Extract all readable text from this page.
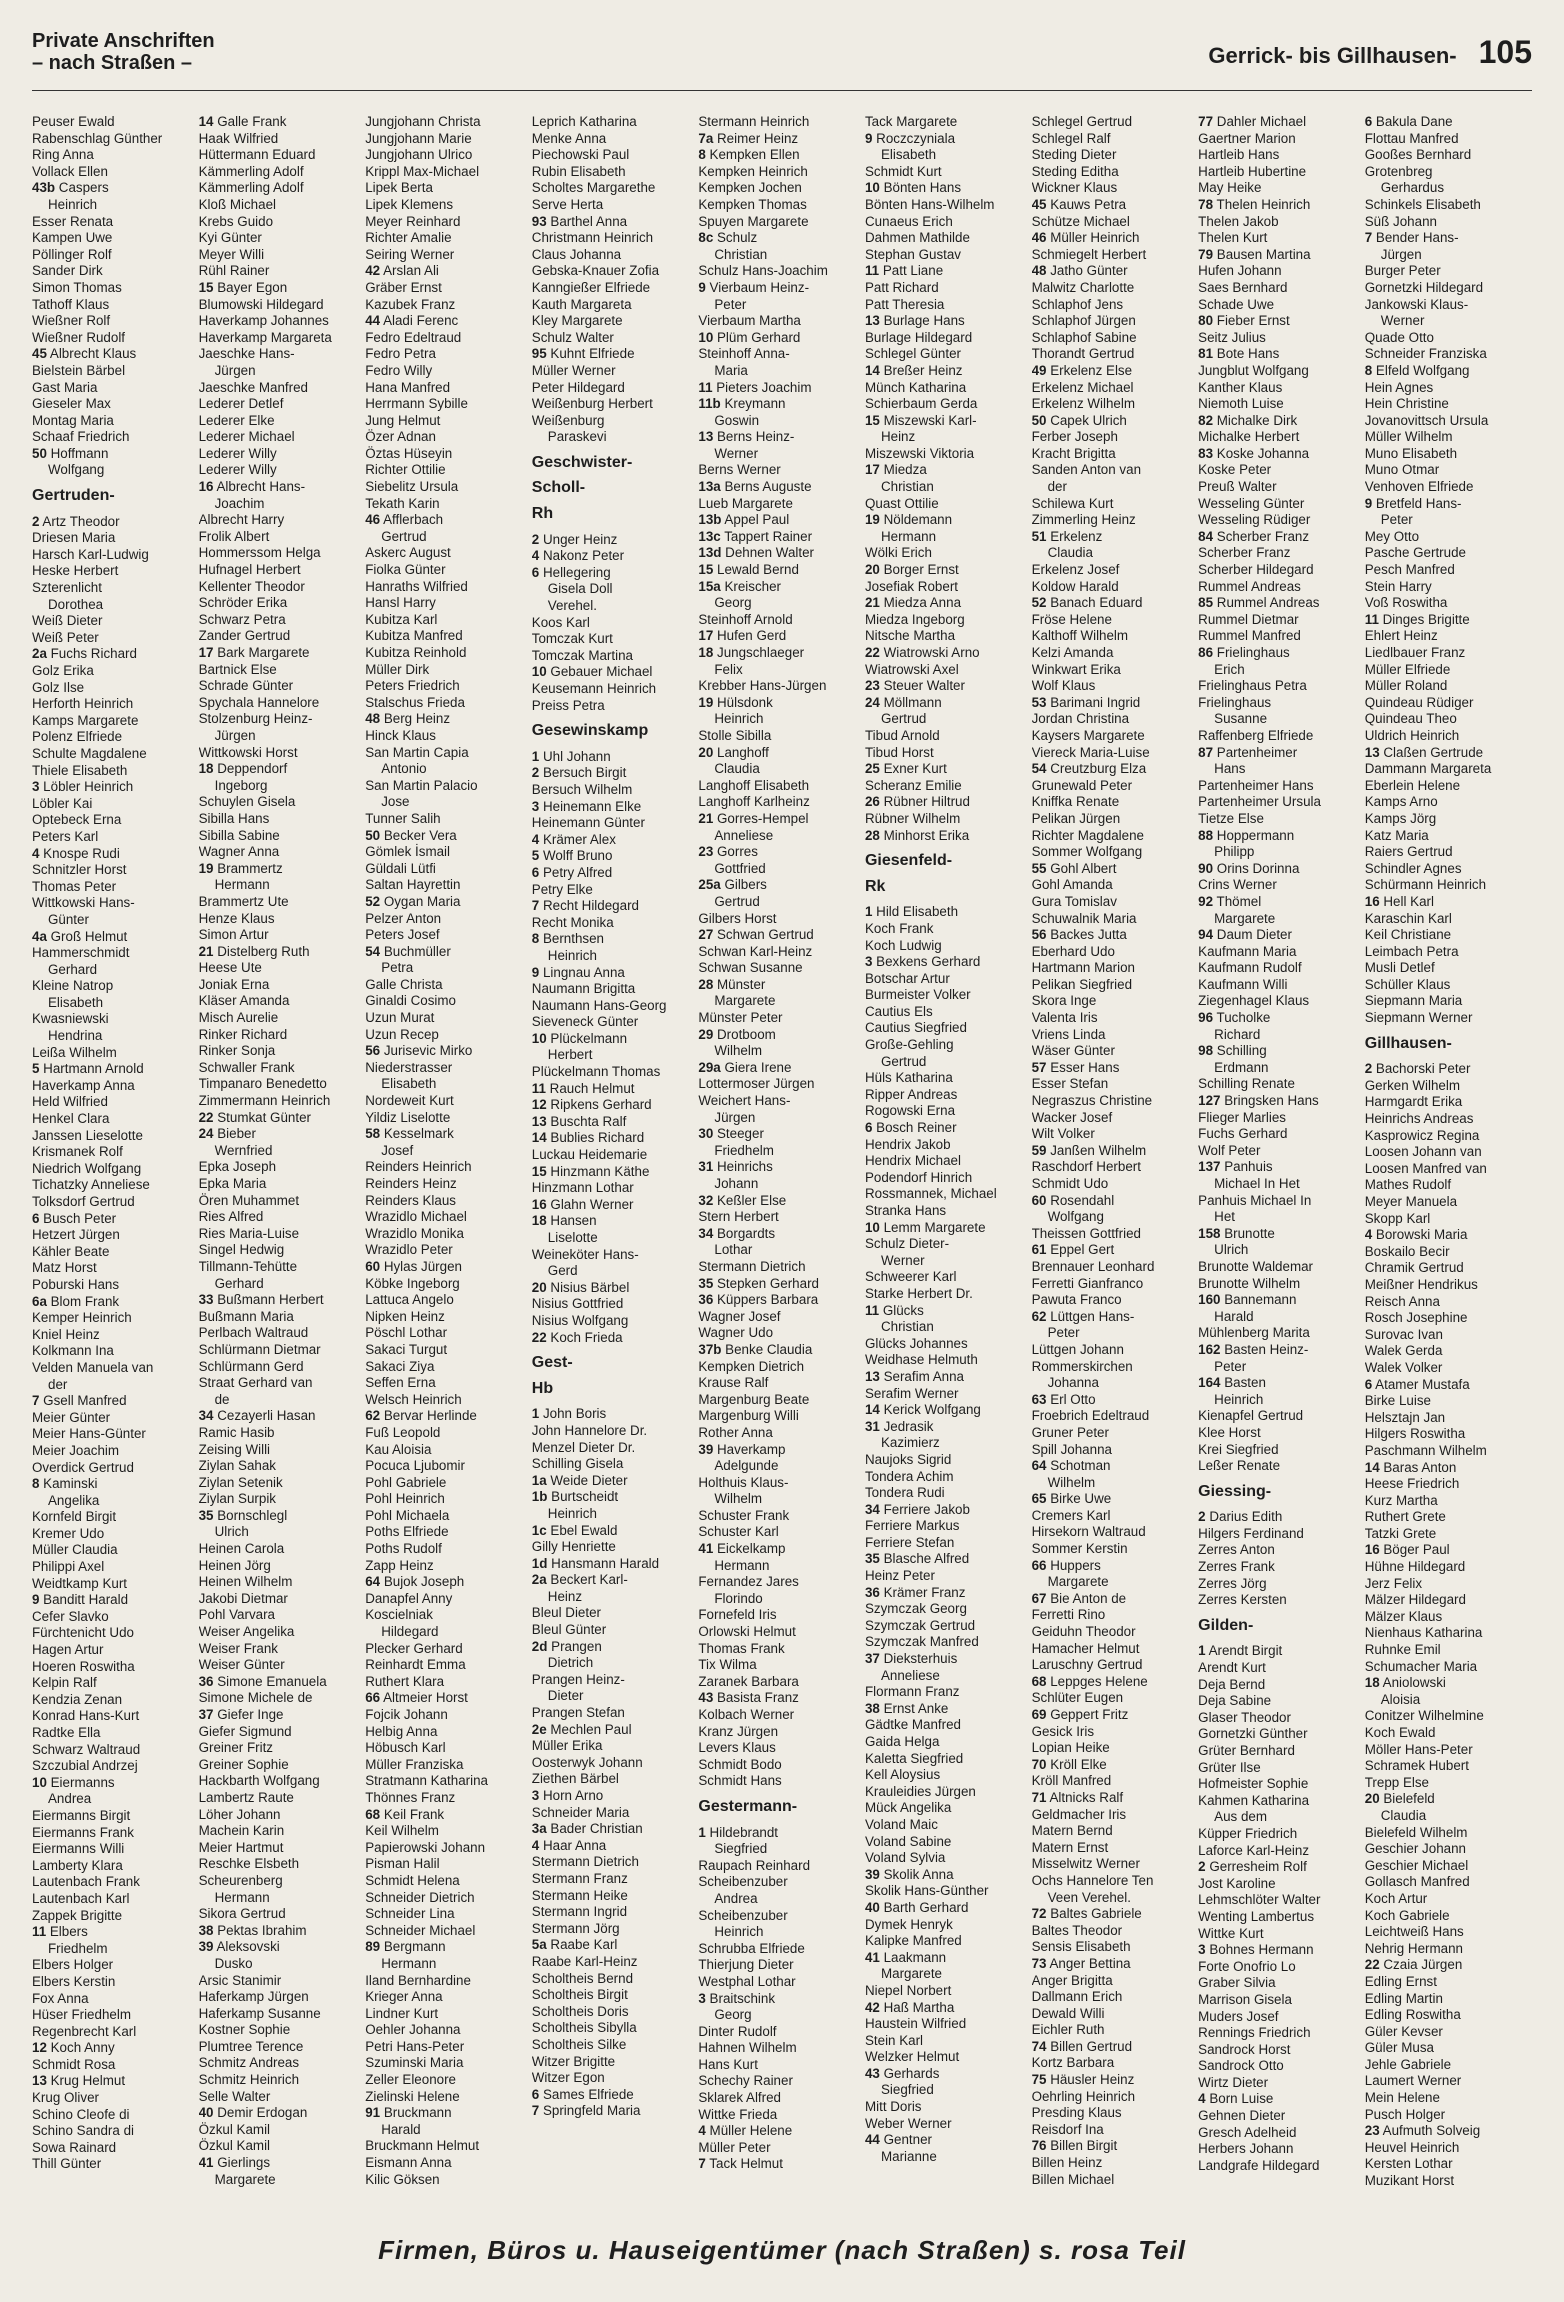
Private Anschriften
– nach Straßen –	Gerrick- bis Gillhausen- 105
Peuser Ewald
Rabenschlag Günther
Ring Anna
Vollack Ellen
43b Caspers
Heinrich
Esser Renata
Kampen Uwe
Pöllinger Rolf
Sander Dirk
Simon Thomas
Tathoff Klaus
Wießner Rolf
Wießner Rudolf
45 Albrecht Klaus
Bielstein Bärbel
Gast Maria
Gieseler Max
Montag Maria
Schaaf Friedrich
50 Hoffmann
Wolfgang
Gertruden-
2 Artz Theodor
Driesen Maria
Harsch Karl-Ludwig
Heske Herbert
Szterenlicht
Dorothea
Weiß Dieter
Weiß Peter
2a Fuchs Richard
Golz Erika
Golz Ilse
Herforth Heinrich
Kamps Margarete
Polenz Elfriede
Schulte Magdalene
Thiele Elisabeth
3 Löbler Heinrich
Löbler Kai
Optebeck Erna
Peters Karl
4 Knospe Rudi
Schnitzler Horst
Thomas Peter
Wittkowski Hans-
Günter
4a Groß Helmut
Hammerschmidt
Gerhard
Kleine Natrop
Elisabeth
Kwasniewski
Hendrina
Leißa Wilhelm
5 Hartmann Arnold
Haverkamp Anna
Held Wilfried
Henkel Clara
Janssen Lieselotte
Krismanek Rolf
Niedrich Wolfgang
Tichatzky Anneliese
Tolksdorf Gertrud
6 Busch Peter
Hetzert Jürgen
Kähler Beate
Matz Horst
Poburski Hans
6a Blom Frank
Kemper Heinrich
Kniel Heinz
Kolkmann Ina
Velden Manuela van
der
7 Gsell Manfred
Meier Günter
Meier Hans-Günter
Meier Joachim
Overdick Gertrud
8 Kaminski
Angelika
Kornfeld Birgit
Kremer Udo
Müller Claudia
Philippi Axel
Weidtkamp Kurt
9 Banditt Harald
Cefer Slavko
Fürchtenicht Udo
Hagen Artur
Hoeren Roswitha
Kelpin Ralf
Kendzia Zenan
Konrad Hans-Kurt
Radtke Ella
Schwarz Waltraud
Szczubial Andrzej
10 Eiermanns
Andrea
Eiermanns Birgit
Eiermanns Frank
Eiermanns Willi
Lamberty Klara
Lautenbach Frank
Lautenbach Karl
Zappek Brigitte
11 Elbers
Friedhelm
Elbers Holger
Elbers Kerstin
Fox Anna
Hüser Friedhelm
Regenbrecht Karl
12 Koch Anny
Schmidt Rosa
13 Krug Helmut
Krug Oliver
Schino Cleofe di
Schino Sandra di
Sowa Rainard
Thill Günter
14 Galle Frank
Haak Wilfried
Hüttermann Eduard
Kämmerling Adolf
Kämmerling Adolf
Kloß Michael
Krebs Guido
Kyi Günter
Meyer Willi
Rühl Rainer
15 Bayer Egon
Blumowski Hildegard
Haverkamp Johannes
Haverkamp Margareta
Jaeschke Hans-
Jürgen
Jaeschke Manfred
Lederer Detlef
Lederer Elke
Lederer Michael
Lederer Willy
Lederer Willy
16 Albrecht Hans-
Joachim
Albrecht Harry
Frolik Albert
Hommerssom Helga
Hufnagel Herbert
Kellenter Theodor
Schröder Erika
Schwarz Petra
Zander Gertrud
17 Bark Margarete
Bartnick Else
Schrade Günter
Spychala Hannelore
Stolzenburg Heinz-
Jürgen
Wittkowski Horst
18 Deppendorf
Ingeborg
Schuylen Gisela
Sibilla Hans
Sibilla Sabine
Wagner Anna
19 Brammertz
Hermann
Brammertz Ute
Henze Klaus
Simon Artur
21 Distelberg Ruth
Heese Ute
Joniak Erna
Kläser Amanda
Misch Aurelie
Rinker Richard
Rinker Sonja
Schwaller Frank
Timpanaro Benedetto
Zimmermann Heinrich
22 Stumkat Günter
24 Bieber
Wernfried
Epka Joseph
Epka Maria
Ören Muhammet
Ries Alfred
Ries Maria-Luise
Singel Hedwig
Tillmann-Tehütte
Gerhard
33 Bußmann Herbert
Bußmann Maria
Perlbach Waltraud
Schlürmann Dietmar
Schlürmann Gerd
Straat Gerhard van
de
34 Cezayerli Hasan
Ramic Hasib
Zeising Willi
Ziylan Sahak
Ziylan Setenik
Ziylan Surpik
35 Bornschlegl
Ulrich
Heinen Carola
Heinen Jörg
Heinen Wilhelm
Jakobi Dietmar
Pohl Varvara
Weiser Angelika
Weiser Frank
Weiser Günter
36 Simone Emanuela
Simone Michele de
37 Giefer Inge
Giefer Sigmund
Greiner Fritz
Greiner Sophie
Hackbarth Wolfgang
Lambertz Raute
Löher Johann
Machein Karin
Meier Hartmut
Reschke Elsbeth
Scheurenberg
Hermann
Sikora Gertrud
38 Pektas Ibrahim
39 Aleksovski
Dusko
Arsic Stanimir
Haferkamp Jürgen
Haferkamp Susanne
Kostner Sophie
Plumtree Terence
Schmitz Andreas
Schmitz Heinrich
Selle Walter
40 Demir Erdogan
Özkul Kamil
Özkul Kamil
41 Gierlings
Margarete
Jungjohann Christa
Jungjohann Marie
Jungjohann Ulrico
Krippl Max-Michael
Lipek Berta
Lipek Klemens
Meyer Reinhard
Richter Amalie
Seiring Werner
42 Arslan Ali
Gräber Ernst
Kazubek Franz
44 Aladi Ferenc
Fedro Edeltraud
Fedro Petra
Fedro Willy
Hana Manfred
Herrmann Sybille
Jung Helmut
Özer Adnan
Öztas Hüseyin
Richter Ottilie
Siebelitz Ursula
Tekath Karin
46 Afflerbach
Gertrud
Askerc August
Fiolka Günter
Hanraths Wilfried
Hansl Harry
Kubitza Karl
Kubitza Manfred
Kubitza Reinhold
Müller Dirk
Peters Friedrich
Stalschus Frieda
48 Berg Heinz
Hinck Klaus
San Martin Capia
Antonio
San Martin Palacio
Jose
Tunner Salih
50 Becker Vera
Gömlek İsmail
Güldali Lütfi
Saltan Hayrettin
52 Oygan Maria
Pelzer Anton
Peters Josef
54 Buchmüller
Petra
Galle Christa
Ginaldi Cosimo
Uzun Murat
Uzun Recep
56 Jurisevic Mirko
Niederstrasser
Elisabeth
Nordeweit Kurt
Yildiz Liselotte
58 Kesselmark
Josef
Reinders Heinrich
Reinders Heinz
Reinders Klaus
Wrazidlo Michael
Wrazidlo Monika
Wrazidlo Peter
60 Hylas Jürgen
Köbke Ingeborg
Lattuca Angelo
Nipken Heinz
Pöschl Lothar
Sakaci Turgut
Sakaci Ziya
Seffen Erna
Welsch Heinrich
62 Bervar Herlinde
Fuß Leopold
Kau Aloisia
Pocuca Ljubomir
Pohl Gabriele
Pohl Heinrich
Pohl Michaela
Poths Elfriede
Poths Rudolf
Zapp Heinz
64 Bujok Joseph
Danapfel Anny
Koscielniak
Hildegard
Plecker Gerhard
Reinhardt Emma
Ruthert Klara
66 Altmeier Horst
Fojcik Johann
Helbig Anna
Höbusch Karl
Müller Franziska
Stratmann Katharina
Thönnes Franz
68 Keil Frank
Keil Wilhelm
Papierowski Johann
Pisman Halil
Schmidt Helena
Schneider Dietrich
Schneider Lina
Schneider Michael
89 Bergmann
Hermann
Iland Bernhardine
Krieger Anna
Lindner Kurt
Oehler Johanna
Petri Hans-Peter
Szuminski Maria
Zeller Eleonore
Zielinski Helene
91 Bruckmann
Harald
Bruckmann Helmut
Eismann Anna
Kilic Göksen
Leprich Katharina
Menke Anna
Piechowski Paul
Rubin Elisabeth
Scholtes Margarethe
Serve Herta
93 Barthel Anna
Christmann Heinrich
Claus Johanna
Gebska-Knauer Zofia
Kanngießer Elfriede
Kauth Margareta
Kley Margarete
Schulz Walter
95 Kuhnt Elfriede
Müller Werner
Peter Hildegard
Weißenburg Herbert
Weißenburg
Paraskevi
Geschwister-
Scholl-
Rh
2 Unger Heinz
4 Nakonz Peter
6 Hellegering
Gisela Doll
Verehel.
Koos Karl
Tomczak Kurt
Tomczak Martina
10 Gebauer Michael
Keusemann Heinrich
Preiss Petra
Gesewinskamp
1 Uhl Johann
2 Bersuch Birgit
Bersuch Wilhelm
3 Heinemann Elke
Heinemann Günter
4 Krämer Alex
5 Wolff Bruno
6 Petry Alfred
Petry Elke
7 Recht Hildegard
Recht Monika
8 Bernthsen
Heinrich
9 Lingnau Anna
Naumann Brigitta
Naumann Hans-Georg
Sieveneck Günter
10 Plückelmann
Herbert
Plückelmann Thomas
11 Rauch Helmut
12 Ripkens Gerhard
13 Buschta Ralf
14 Bublies Richard
Luckau Heidemarie
15 Hinzmann Käthe
Hinzmann Lothar
16 Glahn Werner
18 Hansen
Liselotte
Weineköter Hans-
Gerd
20 Nisius Bärbel
Nisius Gottfried
Nisius Wolfgang
22 Koch Frieda
Gest-
Hb
1 John Boris
John Hannelore Dr.
Menzel Dieter Dr.
Schilling Gisela
1a Weide Dieter
1b Burtscheidt
Heinrich
1c Ebel Ewald
Gilly Henriette
1d Hansmann Harald
2a Beckert Karl-
Heinz
Bleul Dieter
Bleul Günter
2d Prangen
Dietrich
Prangen Heinz-
Dieter
Prangen Stefan
2e Mechlen Paul
Müller Erika
Oosterwyk Johann
Ziethen Bärbel
3 Horn Arno
Schneider Maria
3a Bader Christian
4 Haar Anna
Stermann Dietrich
Stermann Franz
Stermann Heike
Stermann Ingrid
Stermann Jörg
5a Raabe Karl
Raabe Karl-Heinz
Scholtheis Bernd
Scholtheis Birgit
Scholtheis Doris
Scholtheis Sibylla
Scholtheis Silke
Witzer Brigitte
Witzer Egon
6 Sames Elfriede
7 Springfeld Maria
Stermann Heinrich
7a Reimer Heinz
8 Kempken Ellen
Kempken Heinrich
Kempken Jochen
Kempken Thomas
Spuyen Margarete
8c Schulz
Christian
Schulz Hans-Joachim
9 Vierbaum Heinz-
Peter
Vierbaum Martha
10 Plüm Gerhard
Steinhoff Anna-
Maria
11 Pieters Joachim
11b Kreymann
Goswin
13 Berns Heinz-
Werner
Berns Werner
13a Berns Auguste
Lueb Margarete
13b Appel Paul
13c Tappert Rainer
13d Dehnen Walter
15 Lewald Bernd
15a Kreischer
Georg
Steinhoff Arnold
17 Hufen Gerd
18 Jungschlaeger
Felix
Krebber Hans-Jürgen
19 Hülsdonk
Heinrich
Stolle Sibilla
20 Langhoff
Claudia
Langhoff Elisabeth
Langhoff Karlheinz
21 Gorres-Hempel
Anneliese
23 Gorres
Gottfried
25a Gilbers
Gertrud
Gilbers Horst
27 Schwan Gertrud
Schwan Karl-Heinz
Schwan Susanne
28 Münster
Margarete
Münster Peter
29 Drotboom
Wilhelm
29a Giera Irene
Lottermoser Jürgen
Weichert Hans-
Jürgen
30 Steeger
Friedhelm
31 Heinrichs
Johann
32 Keßler Else
Stern Herbert
34 Borgardts
Lothar
Stermann Dietrich
35 Stepken Gerhard
36 Küppers Barbara
Wagner Josef
Wagner Udo
37b Benke Claudia
Kempken Dietrich
Krause Ralf
Margenburg Beate
Margenburg Willi
Rother Anna
39 Haverkamp
Adelgunde
Holthuis Klaus-
Wilhelm
Schuster Frank
Schuster Karl
41 Eickelkamp
Hermann
Fernandez Jares
Florindo
Fornefeld Iris
Orlowski Helmut
Thomas Frank
Tix Wilma
Zaranek Barbara
43 Basista Franz
Kolbach Werner
Kranz Jürgen
Levers Klaus
Schmidt Bodo
Schmidt Hans
Gestermann-
1 Hildebrandt
Siegfried
Raupach Reinhard
Scheibenzuber
Andrea
Scheibenzuber
Heinrich
Schrubba Elfriede
Thierjung Dieter
Westphal Lothar
3 Braitschink
Georg
Dinter Rudolf
Hahnen Wilhelm
Hans Kurt
Schechy Rainer
Sklarek Alfred
Wittke Frieda
4 Müller Helene
Müller Peter
7 Tack Helmut
Tack Margarete
9 Roczczyniala
Elisabeth
Schmidt Kurt
10 Bönten Hans
Bönten Hans-Wilhelm
Cunaeus Erich
Dahmen Mathilde
Stephan Gustav
11 Patt Liane
Patt Richard
Patt Theresia
13 Burlage Hans
Burlage Hildegard
Schlegel Günter
14 Breßer Heinz
Münch Katharina
Schierbaum Gerda
15 Miszewski Karl-
Heinz
Miszewski Viktoria
17 Miedza
Christian
Quast Ottilie
19 Nöldemann
Hermann
Wölki Erich
20 Borger Ernst
Josefiak Robert
21 Miedza Anna
Miedza Ingeborg
Nitsche Martha
22 Wiatrowski Arno
Wiatrowski Axel
23 Steuer Walter
24 Möllmann
Gertrud
Tibud Arnold
Tibud Horst
25 Exner Kurt
Scheranz Emilie
26 Rübner Hiltrud
Rübner Wilhelm
28 Minhorst Erika
Giesenfeld-
Rk
1 Hild Elisabeth
Koch Frank
Koch Ludwig
3 Bexkens Gerhard
Botschar Artur
Burmeister Volker
Cautius Els
Cautius Siegfried
Große-Gehling
Gertrud
Hüls Katharina
Ripper Andreas
Rogowski Erna
6 Bosch Reiner
Hendrix Jakob
Hendrix Michael
Podendorf Hinrich
Rossmannek, Michael
Stranka Hans
10 Lemm Margarete
Schulz Dieter-
Werner
Schweerer Karl
Starke Herbert Dr.
11 Glücks
Christian
Glücks Johannes
Weidhase Helmuth
13 Serafim Anna
Serafim Werner
14 Kerick Wolfgang
31 Jedrasik
Kazimierz
Naujoks Sigrid
Tondera Achim
Tondera Rudi
34 Ferriere Jakob
Ferriere Markus
Ferriere Stefan
35 Blasche Alfred
Heinz Peter
36 Krämer Franz
Szymczak Georg
Szymczak Gertrud
Szymczak Manfred
37 Dieksterhuis
Anneliese
Flormann Franz
38 Ernst Anke
Gädtke Manfred
Gaida Helga
Kaletta Siegfried
Kell Aloysius
Krauleidies Jürgen
Mück Angelika
Voland Maic
Voland Sabine
Voland Sylvia
39 Skolik Anna
Skolik Hans-Günther
40 Barth Gerhard
Dymek Henryk
Kalipke Manfred
41 Laakmann
Margarete
Niepel Norbert
42 Haß Martha
Haustein Wilfried
Stein Karl
Welzker Helmut
43 Gerhards
Siegfried
Mitt Doris
Weber Werner
44 Gentner
Marianne
Schlegel Gertrud
Schlegel Ralf
Steding Dieter
Steding Editha
Wickner Klaus
45 Kauws Petra
Schütze Michael
46 Müller Heinrich
Schmiegelt Herbert
48 Jatho Günter
Malwitz Charlotte
Schlaphof Jens
Schlaphof Jürgen
Schlaphof Sabine
Thorandt Gertrud
49 Erkelenz Else
Erkelenz Michael
Erkelenz Wilhelm
50 Capek Ulrich
Ferber Joseph
Kracht Brigitta
Sanden Anton van
der
Schilewa Kurt
Zimmerling Heinz
51 Erkelenz
Claudia
Erkelenz Josef
Koldow Harald
52 Banach Eduard
Fröse Helene
Kalthoff Wilhelm
Kelzi Amanda
Winkwart Erika
Wolf Klaus
53 Barimani Ingrid
Jordan Christina
Kaysers Margarete
Viereck Maria-Luise
54 Creutzburg Elza
Grunewald Peter
Kniffka Renate
Pelikan Jürgen
Richter Magdalene
Sommer Wolfgang
55 Gohl Albert
Gohl Amanda
Gura Tomislav
Schuwalnik Maria
56 Backes Jutta
Eberhard Udo
Hartmann Marion
Pelikan Siegfried
Skora Inge
Valenta Iris
Vriens Linda
Wäser Günter
57 Esser Hans
Esser Stefan
Negraszus Christine
Wacker Josef
Wilt Volker
59 Janßen Wilhelm
Raschdorf Herbert
Schmidt Udo
60 Rosendahl
Wolfgang
Theissen Gottfried
61 Eppel Gert
Brennauer Leonhard
Ferretti Gianfranco
Pawuta Franco
62 Lüttgen Hans-
Peter
Lüttgen Johann
Rommerskirchen
Johanna
63 Erl Otto
Froebrich Edeltraud
Gruner Peter
Spill Johanna
64 Schotman
Wilhelm
65 Birke Uwe
Cremers Karl
Hirsekorn Waltraud
Sommer Kerstin
66 Huppers
Margarete
67 Bie Anton de
Ferretti Rino
Geiduhn Theodor
Hamacher Helmut
Laruschny Gertrud
68 Leppges Helene
Schlüter Eugen
69 Geppert Fritz
Gesick Iris
Lopian Heike
70 Kröll Elke
Kröll Manfred
71 Altnicks Ralf
Geldmacher Iris
Matern Bernd
Matern Ernst
Misselwitz Werner
Ochs Hannelore Ten
Veen Verehel.
72 Baltes Gabriele
Baltes Theodor
Sensis Elisabeth
73 Anger Bettina
Anger Brigitta
Dallmann Erich
Dewald Willi
Eichler Ruth
74 Billen Gertrud
Kortz Barbara
75 Häusler Heinz
Oehrling Heinrich
Presding Klaus
Reisdorf Ina
76 Billen Birgit
Billen Heinz
Billen Michael
77 Dahler Michael
Gaertner Marion
Hartleib Hans
Hartleib Hubertine
May Heike
78 Thelen Heinrich
Thelen Jakob
Thelen Kurt
79 Bausen Martina
Hufen Johann
Saes Bernhard
Schade Uwe
80 Fieber Ernst
Seitz Julius
81 Bote Hans
Jungblut Wolfgang
Kanther Klaus
Niemoth Luise
82 Michalke Dirk
Michalke Herbert
83 Koske Johanna
Koske Peter
Preuß Walter
Wesseling Günter
Wesseling Rüdiger
84 Scherber Franz
Scherber Franz
Scherber Hildegard
Rummel Andreas
85 Rummel Andreas
Rummel Dietmar
Rummel Manfred
86 Frielinghaus
Erich
Frielinghaus Petra
Frielinghaus
Susanne
Raffenberg Elfriede
87 Partenheimer
Hans
Partenheimer Hans
Partenheimer Ursula
Tietze Else
88 Hoppermann
Philipp
90 Orins Dorinna
Crins Werner
92 Thömel
Margarete
94 Daum Dieter
Kaufmann Maria
Kaufmann Rudolf
Kaufmann Willi
Ziegenhagel Klaus
96 Tucholke
Richard
98 Schilling
Erdmann
Schilling Renate
127 Bringsken Hans
Flieger Marlies
Fuchs Gerhard
Wolf Peter
137 Panhuis
Michael In Het
Panhuis Michael In
Het
158 Brunotte
Ulrich
Brunotte Waldemar
Brunotte Wilhelm
160 Bannemann
Harald
Mühlenberg Marita
162 Basten Heinz-
Peter
164 Basten
Heinrich
Kienapfel Gertrud
Klee Horst
Krei Siegfried
Leßer Renate
Giessing-
2 Darius Edith
Hilgers Ferdinand
Zerres Anton
Zerres Frank
Zerres Jörg
Zerres Kersten
Gilden-
1 Arendt Birgit
Arendt Kurt
Deja Bernd
Deja Sabine
Glaser Theodor
Gornetzki Günther
Grüter Bernhard
Grüter Ilse
Hofmeister Sophie
Kahmen Katharina
Aus dem
Küpper Friedrich
Laforce Karl-Heinz
2 Gerresheim Rolf
Jost Karoline
Lehmschlöter Walter
Wenting Lambertus
Wittke Kurt
3 Bohnes Hermann
Forte Onofrio Lo
Graber Silvia
Marrison Gisela
Muders Josef
Rennings Friedrich
Sandrock Horst
Sandrock Otto
Wirtz Dieter
4 Born Luise
Gehnen Dieter
Gresch Adelheid
Herbers Johann
Landgrafe Hildegard
6 Bakula Dane
Flottau Manfred
Gooßes Bernhard
Grotenbreg
Gerhardus
Schinkels Elisabeth
Süß Johann
7 Bender Hans-
Jürgen
Burger Peter
Gornetzki Hildegard
Jankowski Klaus-
Werner
Quade Otto
Schneider Franziska
8 Elfeld Wolfgang
Hein Agnes
Hein Christine
Jovanovittsch Ursula
Müller Wilhelm
Muno Elisabeth
Muno Otmar
Venhoven Elfriede
9 Bretfeld Hans-
Peter
Mey Otto
Pasche Gertrude
Pesch Manfred
Stein Harry
Voß Roswitha
11 Dinges Brigitte
Ehlert Heinz
Liedlbauer Franz
Müller Elfriede
Müller Roland
Quindeau Rüdiger
Quindeau Theo
Uldrich Heinrich
13 Claßen Gertrude
Dammann Margareta
Eberlein Helene
Kamps Arno
Kamps Jörg
Katz Maria
Raiers Gertrud
Schindler Agnes
Schürmann Heinrich
16 Hell Karl
Karaschin Karl
Keil Christiane
Leimbach Petra
Musli Detlef
Schüller Klaus
Siepmann Maria
Siepmann Werner
Gillhausen-
2 Bachorski Peter
Gerken Wilhelm
Harmgardt Erika
Heinrichs Andreas
Kasprowicz Regina
Loosen Johann van
Loosen Manfred van
Mathes Rudolf
Meyer Manuela
Skopp Karl
4 Borowski Maria
Boskailo Becir
Chramik Gertrud
Meißner Hendrikus
Reisch Anna
Rosch Josephine
Surovac Ivan
Walek Gerda
Walek Volker
6 Atamer Mustafa
Birke Luise
Helsztajn Jan
Hilgers Roswitha
Paschmann Wilhelm
14 Baras Anton
Heese Friedrich
Kurz Martha
Ruthert Grete
Tatzki Grete
16 Böger Paul
Hühne Hildegard
Jerz Felix
Mälzer Hildegard
Mälzer Klaus
Nienhaus Katharina
Ruhnke Emil
Schumacher Maria
18 Aniolowski
Aloisia
Conitzer Wilhelmine
Koch Ewald
Möller Hans-Peter
Schramek Hubert
Trepp Else
20 Bielefeld
Claudia
Bielefeld Wilhelm
Geschier Johann
Geschier Michael
Gollasch Manfred
Koch Artur
Koch Gabriele
Leichtweiß Hans
Nehrig Hermann
22 Czaia Jürgen
Edling Ernst
Edling Martin
Edling Roswitha
Güler Kevser
Güler Musa
Jehle Gabriele
Laumert Werner
Mein Helene
Pusch Holger
23 Aufmuth Solveig
Heuvel Heinrich
Kersten Lothar
Muzikant Horst
Firmen, Büros u. Hauseigentümer (nach Straßen) s. rosa Teil
